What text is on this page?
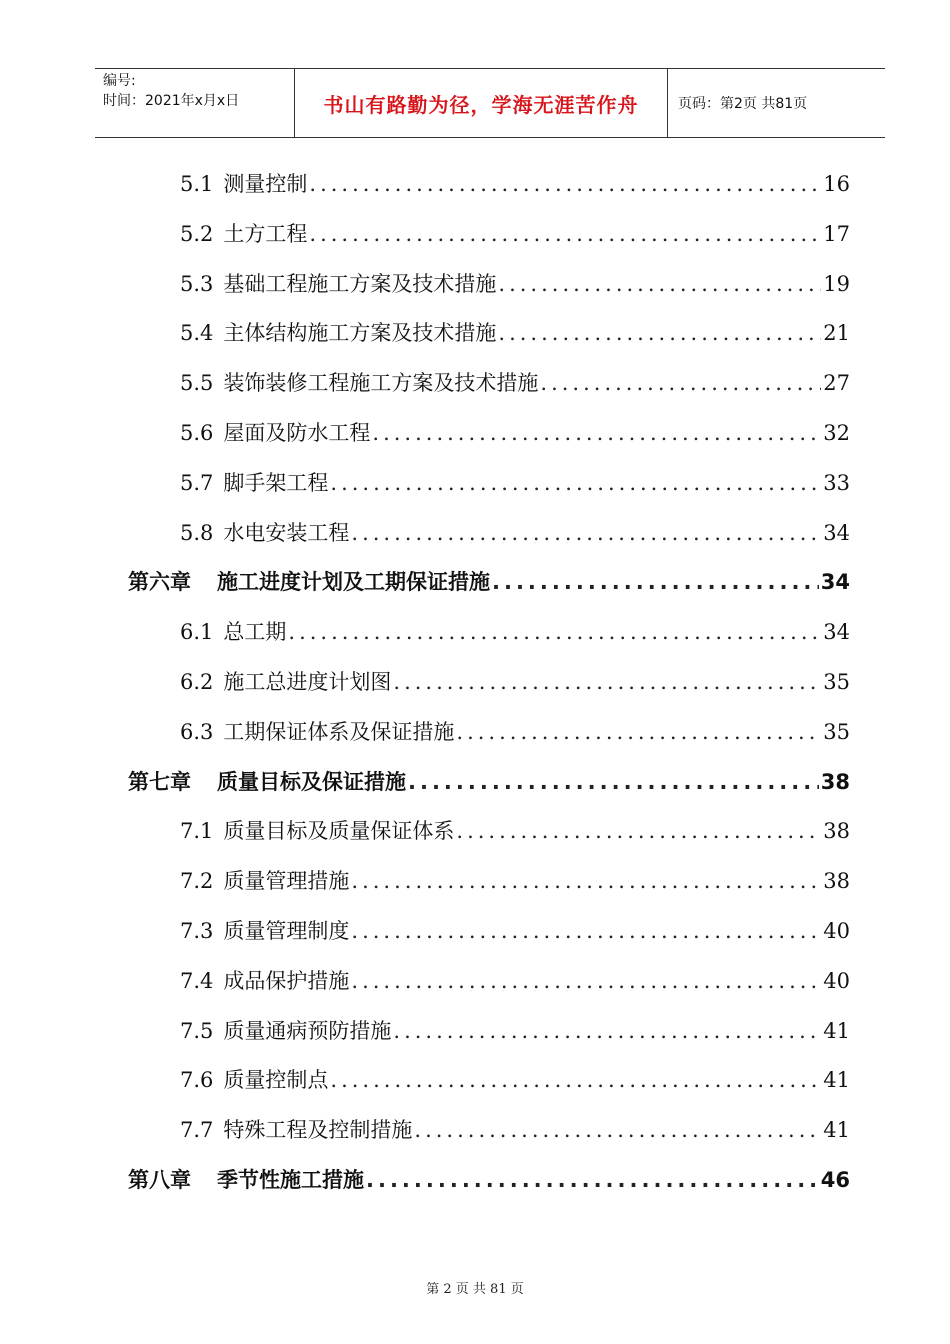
编号:
时间：2021年x月x日	书山有路勤为径，学海无涯苦作舟	页码：第2页 共81页
5.1 测量控制 .....	16
5.2 土方工程 .....	17
5.3 基础工程施工方案及技术措施 .....	19
5.4 主体结构施工方案及技术措施 .....	21
5.5 装饰装修工程施工方案及技术措施 .....	27
5.6 屋面及防水工程 .....	32
5.7 脚手架工程 .....	33
5.8 水电安装工程 .....	34
第六章 施工进度计划及工期保证措施 .....	34
6.1 总工期 .....	34
6.2 施工总进度计划图 .....	35
6.3 工期保证体系及保证措施 .....	35
第七章 质量目标及保证措施 .....	38
7.1 质量目标及质量保证体系 .....	38
7.2 质量管理措施 .....	38
7.3 质量管理制度 .....	40
7.4 成品保护措施 .....	40
7.5 质量通病预防措施 .....	41
7.6 质量控制点 .....	41
7.7 特殊工程及控制措施 .....	41
第八章 季节性施工措施 .....	46
第 2 页 共 81 页
